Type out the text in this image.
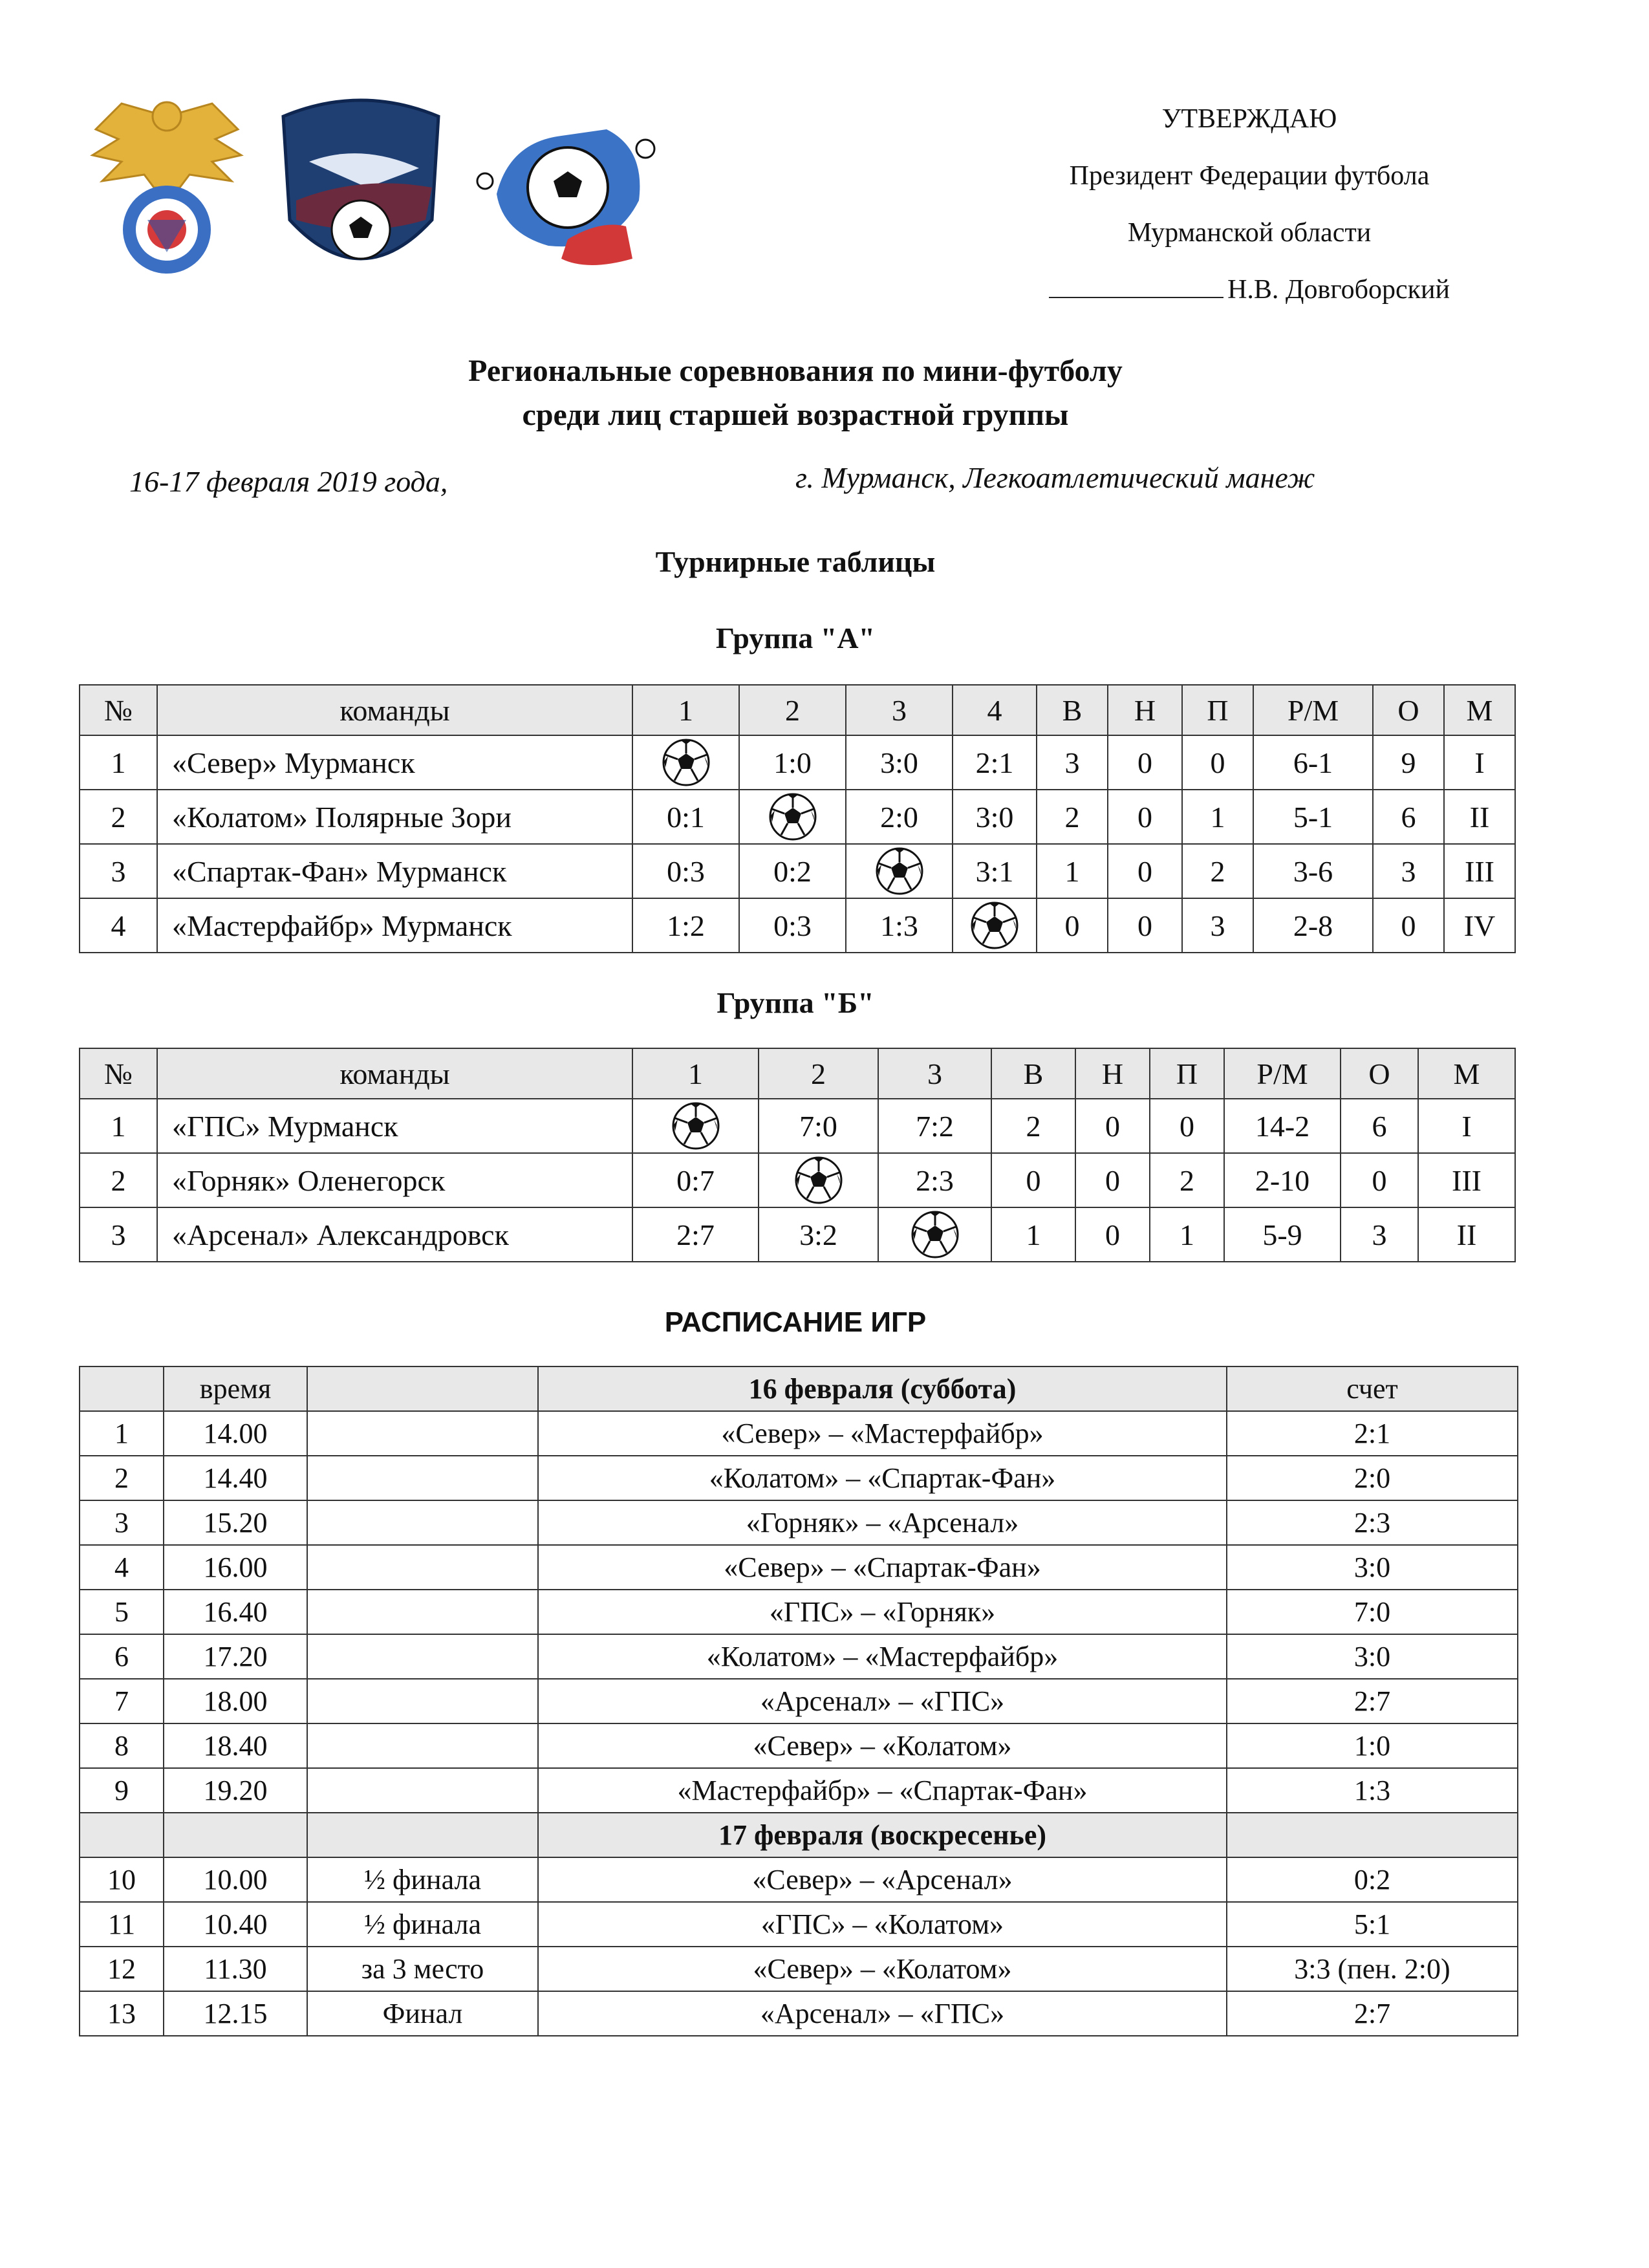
УТВЕРЖДАЮ
Президент Федерации футбола
Мурманской области
Н.В. Довгоборский
Региональные соревнования по мини-футболу
среди лиц старшей возрастной группы
16-17 февраля 2019 года,	г. Мурманск, Легкоатлетический манеж
Турнирные таблицы
Группа "А"
№	команды	1	2	3	4	В	Н	П	Р/М	О	М
1	«Север» Мурманск		1:0	3:0	2:1	3	0	0	6-1	9	I
2	«Колатом» Полярные Зори	0:1		2:0	3:0	2	0	1	5-1	6	II
3	«Спартак-Фан» Мурманск	0:3	0:2		3:1	1	0	2	3-6	3	III
4	«Мастерфайбр» Мурманск	1:2	0:3	1:3		0	0	3	2-8	0	IV
Группа "Б"
№	команды	1	2	3	В	Н	П	Р/М	О	М
1	«ГПС» Мурманск		7:0	7:2	2	0	0	14-2	6	I
2	«Горняк» Оленегорск	0:7		2:3	0	0	2	2-10	0	III
3	«Арсенал» Александровск	2:7	3:2		1	0	1	5-9	3	II
РАСПИСАНИЕ ИГР
	время		16 февраля (суббота)	счет
1	14.00		«Север» – «Мастерфайбр»	2:1
2	14.40		«Колатом» – «Спартак-Фан»	2:0
3	15.20		«Горняк» – «Арсенал»	2:3
4	16.00		«Север» – «Спартак-Фан»	3:0
5	16.40		«ГПС» – «Горняк»	7:0
6	17.20		«Колатом» – «Мастерфайбр»	3:0
7	18.00		«Арсенал» – «ГПС»	2:7
8	18.40		«Север» – «Колатом»	1:0
9	19.20		«Мастерфайбр» – «Спартак-Фан»	1:3
			17 февраля (воскресенье)	
10	10.00	½ финала	«Север» – «Арсенал»	0:2
11	10.40	½ финала	«ГПС» – «Колатом»	5:1
12	11.30	за 3 место	«Север» – «Колатом»	3:3 (пен. 2:0)
13	12.15	Финал	«Арсенал» – «ГПС»	2:7
